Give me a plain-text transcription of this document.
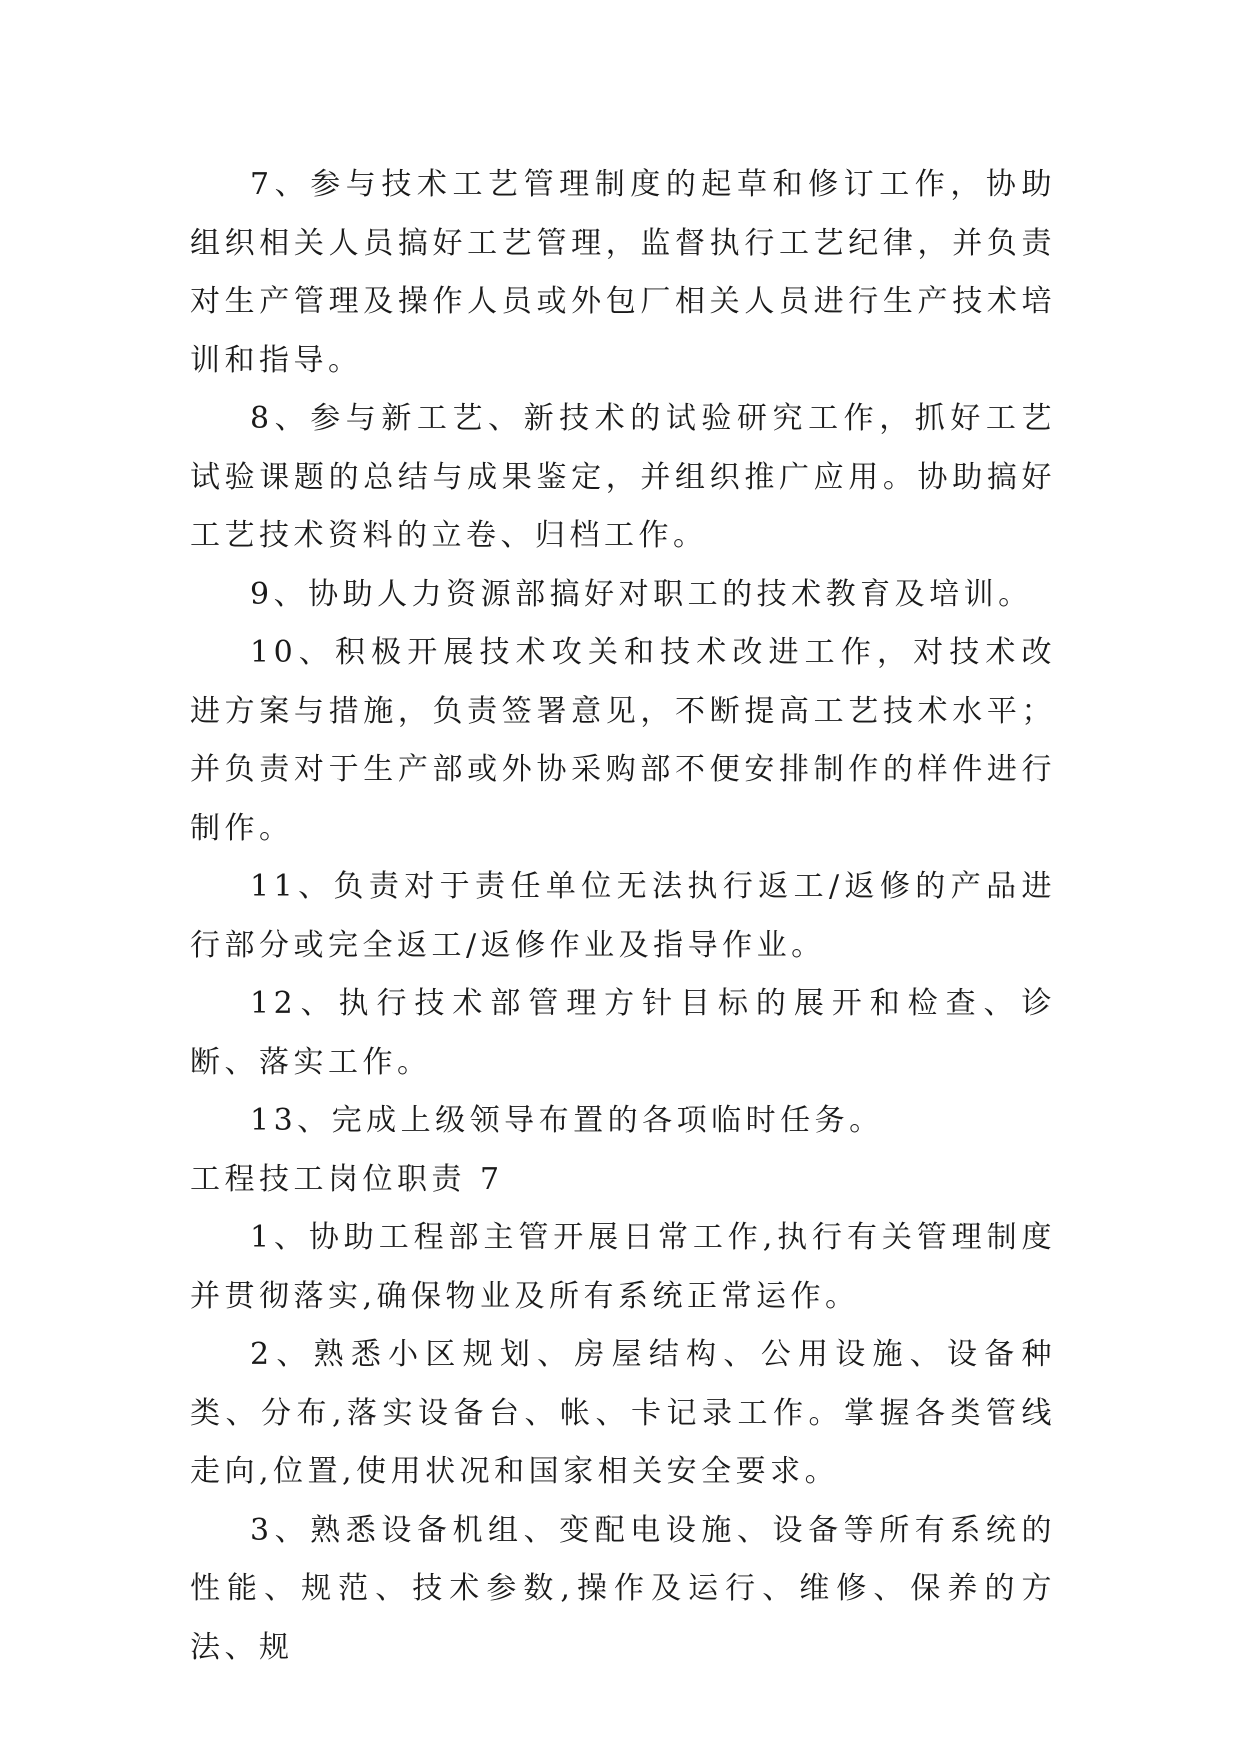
7、参与技术工艺管理制度的起草和修订工作，协助组织相关人员搞好工艺管理，监督执行工艺纪律，并负责对生产管理及操作人员或外包厂相关人员进行生产技术培训和指导。

8、参与新工艺、新技术的试验研究工作，抓好工艺试验课题的总结与成果鉴定，并组织推广应用。协助搞好工艺技术资料的立卷、归档工作。

9、协助人力资源部搞好对职工的技术教育及培训。

10、积极开展技术攻关和技术改进工作，对技术改进方案与措施，负责签署意见，不断提高工艺技术水平；并负责对于生产部或外协采购部不便安排制作的样件进行制作。

11、负责对于责任单位无法执行返工/返修的产品进行部分或完全返工/返修作业及指导作业。

12、执行技术部管理方针目标的展开和检查、诊断、落实工作。

13、完成上级领导布置的各项临时任务。

工程技工岗位职责 7

1、协助工程部主管开展日常工作,执行有关管理制度并贯彻落实,确保物业及所有系统正常运作。

2、熟悉小区规划、房屋结构、公用设施、设备种类、分布,落实设备台、帐、卡记录工作。掌握各类管线走向,位置,使用状况和国家相关安全要求。

3、熟悉设备机组、变配电设施、设备等所有系统的性能、规范、技术参数,操作及运行、维修、保养的方法、规
